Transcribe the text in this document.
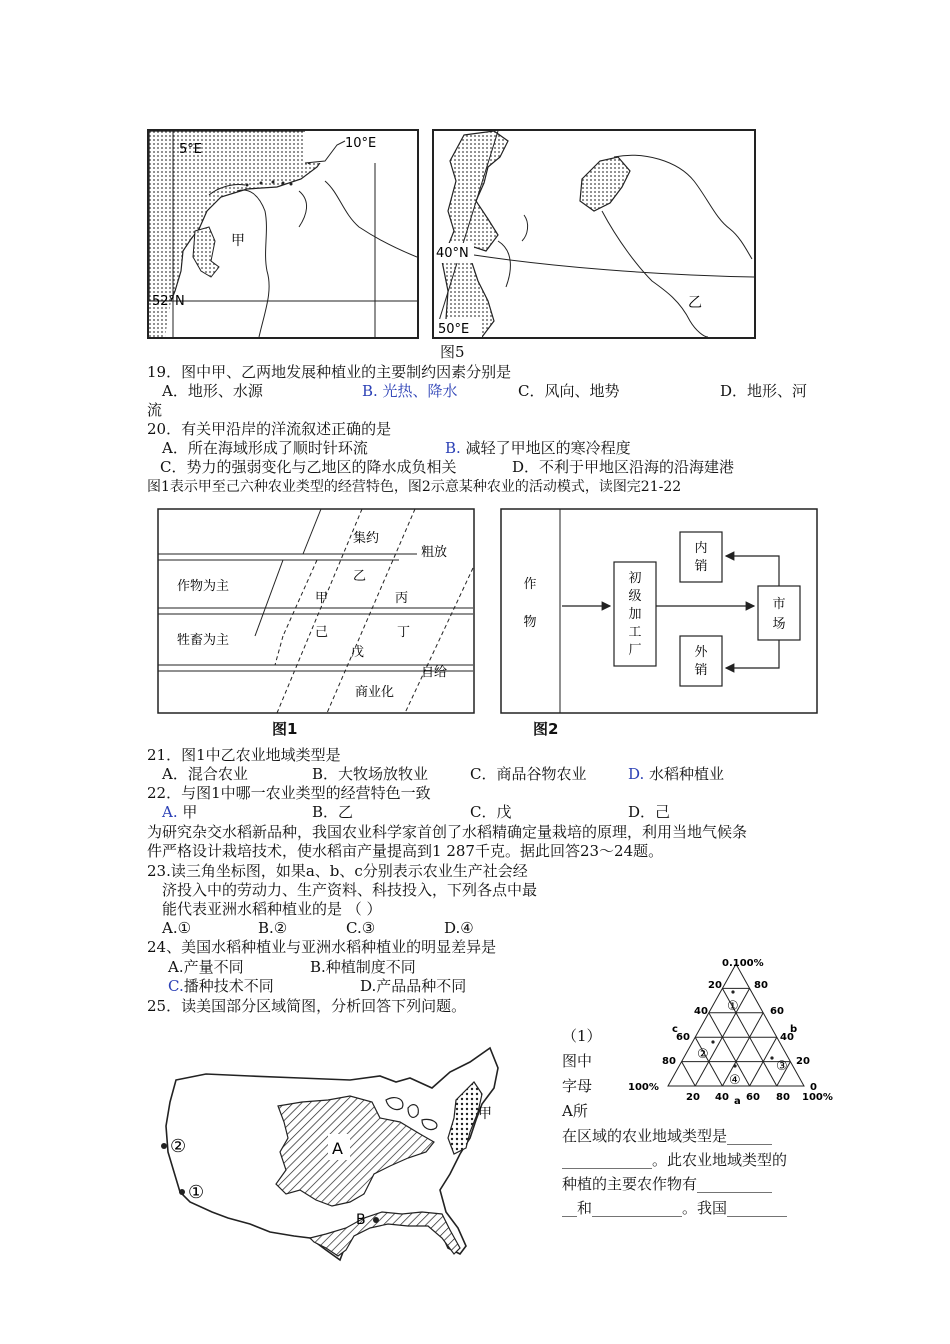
5°E	10°E
甲
52°N
40°N
50°E
乙
图5
19．图中甲、乙两地发展种植业的主要制约因素分别是
A．地形、水源	B. 光热、降水	C．风向、地势	D．地形、河
流
20．有关甲沿岸的洋流叙述正确的是
A．所在海域形成了顺时针环流	B. 减轻了甲地区的寒冷程度
C．势力的强弱变化与乙地区的降水成负相关	D．不利于甲地区沿海的沿海建港
图1表示甲至己六种农业类型的经营特色，图2示意某种农业的活动模式，读图完21-22
集约
粗放
作物为主
甲
乙
丙
牲畜为主
己	丁
戊
自给
商业化
图1
作
物
初
级
加
工
厂
内
销
市
场
外
销
图2
21．图1中乙农业地域类型是
A．混合农业	B．大牧场放牧业	C．商品谷物农业	D. 水稻种植业
22．与图1中哪一农业类型的经营特色一致
A. 甲	B．乙	C．戊	D．己
为研究杂交水稻新品种，我国农业科学家首创了水稻精确定量栽培的原理，利用当地气候条
件严格设计栽培技术，使水稻亩产量提高到1 287千克。据此回答23～24题。
23.读三角坐标图，如果a、b、c分别表示农业生产社会经
济投入中的劳动力、生产资料、科技投入，下列各点中最
能代表亚洲水稻种植业的是 （ ）
A.①	B.②	C.③	D.④
24、美国水稻种植业与亚洲水稻种植业的明显差异是
A.产量不同	B.种植制度不同
C.播种技术不同	D.产品品种不同
25．读美国部分区域简图，分析回答下列问题。
0.100%
20
40
60
80
100%
80
60
40
20
0
20 40 60 80 100%
a
b
c
①
②
③
④
（1）
图中
字母
A所
在区域的农业地域类型是______
____________。此农业地域类型的
种植的主要农作物有__________
__和____________。我国________
A
B
甲
②
①
